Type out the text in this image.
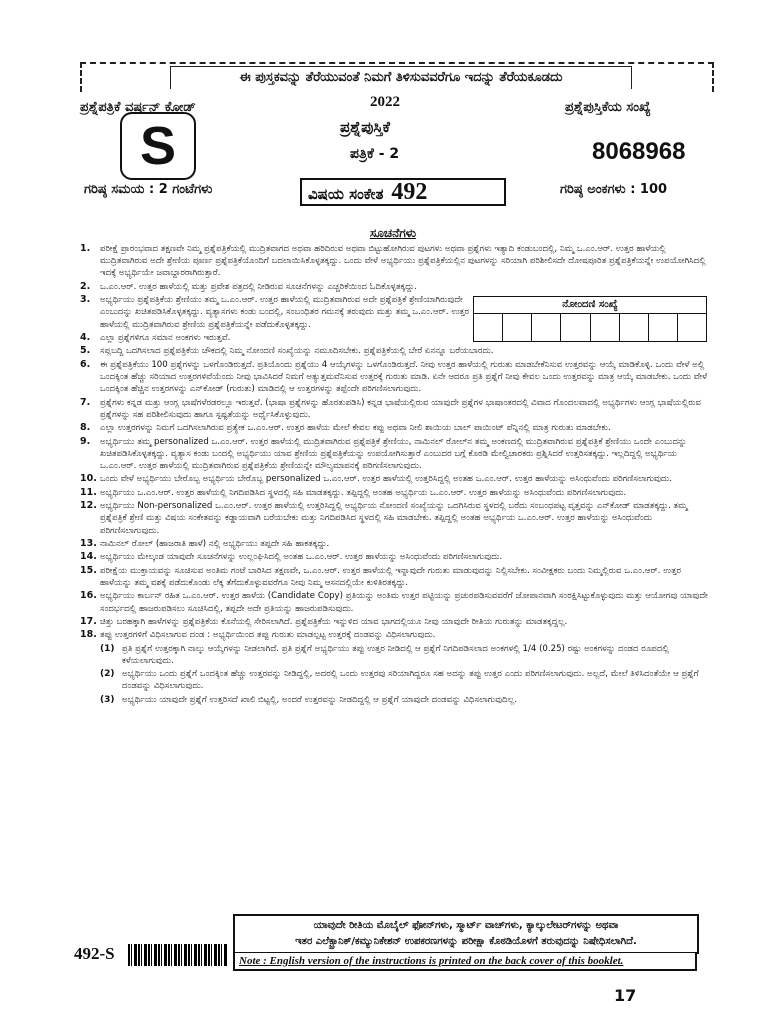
ಈ ಪುಸ್ತಕವನ್ನು ತೆರೆಯುವಂತೆ ನಿಮಗೆ ತಿಳಿಸುವವರೆಗೂ ಇದನ್ನು ತೆರೆಯಕೂಡದು
ಪ್ರಶ್ನೆಪತ್ರಿಕೆ ವರ್ಷನ್ ಕೋಡ್	2022	ಪ್ರಶ್ನೆಪುಸ್ತಿಕೆಯ ಸಂಖ್ಯೆ
S	ಪ್ರಶ್ನೆಪುಸ್ತಿಕೆ
ಪತ್ರಿಕೆ - 2	8068968
ಗರಿಷ್ಠ ಸಮಯ : 2 ಗಂಟೆಗಳು	ವಿಷಯ ಸಂಕೇತ 492	ಗರಿಷ್ಠ ಅಂಕಗಳು : 100
ನೋಂದಣಿ ಸಂಖ್ಯೆ
ಸೂಚನೆಗಳು
1. ಪರೀಕ್ಷೆ ಪ್ರಾರಂಭವಾದ ತಕ್ಷಣವೇ ನಿಮ್ಮ ಪ್ರಶ್ನೆಪತ್ರಿಕೆಯಲ್ಲಿ ಮುದ್ರಿತವಾಗದ ಅಥವಾ ಹರಿದಿರುವ ಅಥವಾ ಬಿಟ್ಟುಹೋಗಿರುವ ಪುಟಗಳು ಅಥವಾ ಪ್ರಶ್ನೆಗಳು ಇತ್ಯಾದಿ ಕಂಡುಬಂದಲ್ಲಿ, ನಿಮ್ಮ ಒ.ಎಂ.ಆರ್. ಉತ್ತರ ಹಾಳೆಯಲ್ಲಿ ಮುದ್ರಿತವಾಗಿರುವ ಅದೇ ಶ್ರೇಣಿಯ ಪೂರ್ಣ ಪ್ರಶ್ನೆಪತ್ರಿಕೆಯೊಂದಿಗೆ ಬದಲಾಯಿಸಿಕೊಳ್ಳತಕ್ಕದ್ದು. ಒಂದು ವೇಳೆ ಅಭ್ಯರ್ಥಿಯು ಪ್ರಶ್ನೆಪತ್ರಿಕೆಯಲ್ಲಿನ ಪುಟಗಳನ್ನು ಸರಿಯಾಗಿ ಪರಿಶೀಲಿಸದೇ ದೋಷಪೂರಿತ ಪ್ರಶ್ನೆಪತ್ರಿಕೆಯನ್ನೇ ಉಪಯೋಗಿಸಿದಲ್ಲಿ ಇದಕ್ಕೆ ಅಭ್ಯರ್ಥಿಯೇ ಜವಾಬ್ದಾರರಾಗಿರುತ್ತಾರೆ.
2. ಒ.ಎಂ.ಆರ್. ಉತ್ತರ ಹಾಳೆಯಲ್ಲಿ ಮತ್ತು ಪ್ರವೇಶ ಪತ್ರದಲ್ಲಿ ನೀಡಿರುವ ಸೂಚನೆಗಳನ್ನು ಎಚ್ಚರಿಕೆಯಿಂದ ಓದಿಕೊಳ್ಳತಕ್ಕದ್ದು.
3. ಅಭ್ಯರ್ಥಿಯು ಪ್ರಶ್ನೆಪತ್ರಿಕೆಯ ಶ್ರೇಣಿಯು ತಮ್ಮ ಒ.ಎಂ.ಆರ್. ಉತ್ತರ ಹಾಳೆಯಲ್ಲಿ ಮುದ್ರಿತವಾಗಿರುವ ಅದೇ ಪ್ರಶ್ನೆಪತ್ರಿಕೆ ಶ್ರೇಣಿಯಾಗಿರುವುದೇ ಎಂಬುದನ್ನು ಖಚಿತಪಡಿಸಿಕೊಳ್ಳತಕ್ಕದ್ದು. ವ್ಯತ್ಯಾಸಗಳು ಕಂಡು ಬಂದಲ್ಲಿ, ಸಂಬಂಧಿತರ ಗಮನಕ್ಕೆ ತರುವುದು ಮತ್ತು ತಮ್ಮ ಒ.ಎಂ.ಆರ್. ಉತ್ತರ ಹಾಳೆಯಲ್ಲಿ ಮುದ್ರಿತವಾಗಿರುವ ಶ್ರೇಣಿಯ ಪ್ರಶ್ನೆಪತ್ರಿಕೆಯನ್ನೇ ಪಡೆದುಕೊಳ್ಳತಕ್ಕದ್ದು.
4. ಎಲ್ಲಾ ಪ್ರಶ್ನೆಗಳಿಗೂ ಸಮಾನ ಅಂಕಗಳು ಇರುತ್ತವೆ.
5. ಸಪ್ಲಬದ್ದಿ ಒದಗಿಸಲಾದ ಪ್ರಶ್ನೆಪತ್ರಿಕೆಯ ಚೌಕದಲ್ಲಿ ನಿಮ್ಮ ನೋಂದಣಿ ಸಂಖ್ಯೆಯನ್ನು ನಮೂದಿಸಬೇಕು. ಪ್ರಶ್ನೆಪತ್ರಿಕೆಯಲ್ಲಿ ಬೇರೆ ಏನನ್ನೂ ಬರೆಯಬಾರದು.
6. ಈ ಪ್ರಶ್ನೆಪತ್ರಿಕೆಯು 100 ಪ್ರಶ್ನೆಗಳನ್ನು ಒಳಗೊಂಡಿರುತ್ತದೆ. ಪ್ರತಿಯೊಂದು ಪ್ರಶ್ನೆಯು 4 ಆಯ್ಕೆಗಳನ್ನು ಒಳಗೊಂಡಿರುತ್ತದೆ. ನೀವು ಉತ್ತರ ಹಾಳೆಯಲ್ಲಿ ಗುರುತು ಮಾಡಬೇಕೆನಿಸುವ ಉತ್ತರವನ್ನು ಆಯ್ಕೆ ಮಾಡಿಕೊಳ್ಳಿ. ಒಂದು ವೇಳೆ ಅಲ್ಲಿ ಒಂದಕ್ಕಿಂತ ಹೆಚ್ಚು ಸರಿಯಾದ ಉತ್ತರಗಳಿವೆಯೆಂದು ನೀವು ಭಾವಿಸಿದರೆ ನಿಮಗೆ ಅತ್ಯುತ್ತಮವೆನಿಸುವ ಉತ್ತರಕ್ಕೆ ಗುರುತು ಮಾಡಿ. ಏನೇ ಆದರೂ ಪ್ರತಿ ಪ್ರಶ್ನೆಗೆ ನೀವು ಕೇವಲ ಒಂದು ಉತ್ತರವನ್ನು ಮಾತ್ರ ಆಯ್ಕೆ ಮಾಡಬೇಕು. ಒಂದು ವೇಳೆ ಒಂದಕ್ಕಿಂತ ಹೆಚ್ಚಿನ ಉತ್ತರಗಳನ್ನು ಎನ್‌ಕೋಡ್ (ಗುರುತು) ಮಾಡಿದಲ್ಲಿ ಆ ಉತ್ತರಗಳನ್ನು ತಪ್ಪೆಂದೇ ಪರಿಗಣಿಸಲಾಗುವುದು.
7. ಪ್ರಶ್ನೆಗಳು ಕನ್ನಡ ಮತ್ತು ಆಂಗ್ಲ ಭಾಷೆಗಳೆರಡರಲ್ಲೂ ಇರುತ್ತವೆ. (ಭಾಷಾ ಪ್ರಶ್ನೆಗಳನ್ನು ಹೊರತುಪಡಿಸಿ) ಕನ್ನಡ ಭಾಷೆಯಲ್ಲಿರುವ ಯಾವುದೇ ಪ್ರಶ್ನೆಗಳ ಭಾಷಾಂತರದಲ್ಲಿ ವಿವಾದ ಗೊಂದಲವಾದಲ್ಲಿ ಅಭ್ಯರ್ಥಿಗಳು ಆಂಗ್ಲ ಭಾಷೆಯಲ್ಲಿರುವ ಪ್ರಶ್ನೆಗಳನ್ನು ಸಹ ಪರಿಶೀಲಿಸುವುದು ಹಾಗೂ ಸ್ಪಷ್ಟತೆಯನ್ನು ಅರ್ಥೈಸಿಕೊಳ್ಳುವುದು.
8. ಎಲ್ಲಾ ಉತ್ತರಗಳನ್ನು ನಿಮಗೆ ಒದಗಿಸಲಾಗಿರುವ ಪ್ರತ್ಯೇಕ ಒ.ಎಂ.ಆರ್. ಉತ್ತರ ಹಾಳೆಯ ಮೇಲೆ ಕೇವಲ ಕಪ್ಪು ಅಥವಾ ನೀಲಿ ಶಾಯಿಯ ಬಾಲ್ ಪಾಯಿಂಟ್ ಪೆನ್ನಿನಲ್ಲಿ ಮಾತ್ರ ಗುರುತು ಮಾಡಬೇಕು.
9. ಅಭ್ಯರ್ಥಿಯು ತಮ್ಮ personalized ಒ.ಎಂ.ಆರ್. ಉತ್ತರ ಹಾಳೆಯಲ್ಲಿ ಮುದ್ರಿತವಾಗಿರುವ ಪ್ರಶ್ನೆಪತ್ರಿಕೆ ಶ್ರೇಣಿಯು, ನಾಮಿನಲ್ ರೋಲ್‌ನ ತಮ್ಮ ಅಂಕಣದಲ್ಲಿ ಮುದ್ರಿತವಾಗಿರುವ ಪ್ರಶ್ನೆಪತ್ರಿಕೆ ಶ್ರೇಣಿಯು ಒಂದೇ ಎಂಬುದನ್ನು ಖಚಿತಪಡಿಸಿಕೊಳ್ಳತಕ್ಕದ್ದು. ವ್ಯತ್ಯಾಸ ಕಂಡು ಬಂದಲ್ಲಿ ಅಭ್ಯರ್ಥಿಯು ಯಾವ ಶ್ರೇಣಿಯ ಪ್ರಶ್ನೆಪತ್ರಿಕೆಯನ್ನು ಉಪಯೋಗಿಸುತ್ತಾರೆ ಎಂಬುದರ ಬಗ್ಗೆ ಕೊಠಡಿ ಮೇಲ್ವಿಚಾರಕರು ಪ್ರಶ್ನಿಸಿದರೆ ಉತ್ತರಿಸತಕ್ಕದ್ದು. ಇಲ್ಲದಿದ್ದಲ್ಲಿ ಅಭ್ಯರ್ಥಿಯ ಒ.ಎಂ.ಆರ್. ಉತ್ತರ ಹಾಳೆಯಲ್ಲಿ ಮುದ್ರಿತವಾಗಿರುವ ಪ್ರಶ್ನೆಪತ್ರಿಕೆಯ ಶ್ರೇಣಿಯನ್ನೇ ಮೌಲ್ಯಮಾಪನಕ್ಕೆ ಪರಿಗಣಿಸಲಾಗುವುದು.
10. ಒಂದು ವೇಳೆ ಅಭ್ಯರ್ಥಿಯು ಬೇರೊಬ್ಬ ಅಭ್ಯರ್ಥಿಯ ಬೇರೊಬ್ಬ personalized ಒ.ಎಂ.ಆರ್. ಉತ್ತರ ಹಾಳೆಯಲ್ಲಿ ಉತ್ತರಿಸಿದ್ದಲ್ಲಿ ಅಂತಹ ಒ.ಎಂ.ಆರ್. ಉತ್ತರ ಹಾಳೆಯನ್ನು ಅಸಿಂಧುವೆಂದು ಪರಿಗಣಿಸಲಾಗುವುದು.
11. ಅಭ್ಯರ್ಥಿಯು ಒ.ಎಂ.ಆರ್. ಉತ್ತರ ಹಾಳೆಯಲ್ಲಿ ನಿಗದಿಪಡಿಸಿದ ಸ್ಥಳದಲ್ಲಿ ಸಹಿ ಮಾಡತಕ್ಕದ್ದು. ತಪ್ಪಿದ್ದಲ್ಲಿ ಅಂತಹ ಅಭ್ಯರ್ಥಿಯ ಒ.ಎಂ.ಆರ್. ಉತ್ತರ ಹಾಳೆಯನ್ನು ಅಸಿಂಧುವೆಂದು ಪರಿಗಣಿಸಲಾಗುವುದು.
12. ಅಭ್ಯರ್ಥಿಯು Non-personalized ಒ.ಎಂ.ಆರ್. ಉತ್ತರ ಹಾಳೆಯಲ್ಲಿ ಉತ್ತರಿಸಿದ್ದಲ್ಲಿ ಅಭ್ಯರ್ಥಿಯ ನೋಂದಣಿ ಸಂಖ್ಯೆಯನ್ನು ಒದಗಿಸಿರುವ ಸ್ಥಳದಲ್ಲಿ ಬರೆದು ಸಂಬಂಧಪಟ್ಟ ವೃತ್ತವನ್ನು ಎನ್‌ಕೋಡ್ ಮಾಡತಕ್ಕದ್ದು. ತಮ್ಮ ಪ್ರಶ್ನೆಪತ್ರಿಕೆ ಶ್ರೇಣಿ ಮತ್ತು ವಿಷಯ ಸಂಕೇತವನ್ನು ಕಡ್ಡಾಯವಾಗಿ ಬರೆಯಬೇಕು ಮತ್ತು ನಿಗದಿಪಡಿಸಿದ ಸ್ಥಳದಲ್ಲಿ ಸಹಿ ಮಾಡಬೇಕು. ತಪ್ಪಿದ್ದಲ್ಲಿ ಅಂತಹ ಅಭ್ಯರ್ಥಿಯ ಒ.ಎಂ.ಆರ್. ಉತ್ತರ ಹಾಳೆಯನ್ನು ಅಸಿಂಧುವೆಂದು ಪರಿಗಣಿಸಲಾಗುವುದು.
13. ನಾಮಿನಲ್ ರೋಲ್ (ಹಾಜರಾತಿ ಹಾಳೆ) ನಲ್ಲಿ ಅಭ್ಯರ್ಥಿಯು ತಪ್ಪದೇ ಸಹಿ ಹಾಕತಕ್ಕದ್ದು.
14. ಅಭ್ಯರ್ಥಿಯು ಮೇಲ್ಕಂಡ ಯಾವುದೇ ಸೂಚನೆಗಳನ್ನು ಉಲ್ಲಂಘಿಸಿದಲ್ಲಿ ಅಂತಹ ಒ.ಎಂ.ಆರ್. ಉತ್ತರ ಹಾಳೆಯನ್ನು ಅಸಿಂಧುವೆಂದು ಪರಿಗಣಿಸಲಾಗುವುದು.
15. ಪರೀಕ್ಷೆಯ ಮುಕ್ತಾಯವನ್ನು ಸೂಚಿಸುವ ಅಂತಿಮ ಗಂಟೆ ಬಾರಿಸಿದ ತಕ್ಷಣವೇ, ಒ.ಎಂ.ಆರ್. ಉತ್ತರ ಹಾಳೆಯಲ್ಲಿ ಇನ್ನಾವುದೇ ಗುರುತು ಮಾಡುವುದನ್ನು ನಿಲ್ಲಿಸಬೇಕು. ಸಂವೀಕ್ಷಕರು ಬಂದು ನಿಮ್ಮಲ್ಲಿರುವ ಒ.ಎಂ.ಆರ್. ಉತ್ತರ ಹಾಳೆಯನ್ನು ತಮ್ಮ ವಶಕ್ಕೆ ಪಡೆದುಕೊಂಡು ಲೆಕ್ಕ ತೆಗೆದುಕೊಳ್ಳುವವರೆಗೂ ನೀವು ನಿಮ್ಮ ಆಸನದಲ್ಲಿಯೇ ಕುಳಿತಿರತಕ್ಕದ್ದು.
16. ಅಭ್ಯರ್ಥಿಯು ಕಾರ್ಬನ್ ರಹಿತ ಒ.ಎಂ.ಆರ್. ಉತ್ತರ ಹಾಳೆಯ (Candidate Copy) ಪ್ರತಿಯನ್ನು ಅಂತಿಮ ಉತ್ತರ ಪಟ್ಟಿಯನ್ನು ಪ್ರಚುರಪಡಿಸುವವರೆಗೆ ಜೋಪಾನವಾಗಿ ಸಂರಕ್ಷಿಸಿಟ್ಟುಕೊಳ್ಳುವುದು ಮತ್ತು ಆಯೋಗವು ಯಾವುದೇ ಸಂದರ್ಭದಲ್ಲಿ ಹಾಜರುಪಡಿಸಲು ಸೂಚಿಸಿದಲ್ಲಿ, ತಪ್ಪದೇ ಅದೇ ಪ್ರತಿಯನ್ನು ಹಾಜರುಪಡಿಸುವುದು.
17. ಚಿತ್ತು ಬರಹಕ್ಕಾಗಿ ಹಾಳೆಗಳನ್ನು ಪ್ರಶ್ನೆಪತ್ರಿಕೆಯ ಕೊನೆಯಲ್ಲಿ ಸೇರಿಸಲಾಗಿದೆ. ಪ್ರಶ್ನೆಪತ್ರಿಕೆಯ ಇನ್ನುಳಿದ ಯಾವ ಭಾಗದಲ್ಲಿಯೂ ನೀವು ಯಾವುದೇ ರೀತಿಯ ಗುರುತನ್ನು ಮಾಡತಕ್ಕದ್ದಲ್ಲ.
18. ತಪ್ಪು ಉತ್ತರಗಳಿಗೆ ವಿಧಿಸಲಾಗುವ ದಂಡ : ಅಭ್ಯರ್ಥಿಯಿಂದ ತಪ್ಪು ಗುರುತು ಮಾಡಲ್ಪಟ್ಟ ಉತ್ತರಕ್ಕೆ ದಂಡವನ್ನು ವಿಧಿಸಲಾಗುವುದು.
(1) ಪ್ರತಿ ಪ್ರಶ್ನೆಗೆ ಉತ್ತರಕ್ಕಾಗಿ ನಾಲ್ಕು ಆಯ್ಕೆಗಳನ್ನು ನೀಡಲಾಗಿದೆ. ಪ್ರತಿ ಪ್ರಶ್ನೆಗೆ ಅಭ್ಯರ್ಥಿಯು ತಪ್ಪು ಉತ್ತರ ನೀಡಿದಲ್ಲಿ ಆ ಪ್ರಶ್ನೆಗೆ ನಿಗದಿಪಡಿಸಲಾದ ಅಂಕಗಳಲ್ಲಿ 1/4 (0.25) ರಷ್ಟು ಅಂಕಗಳನ್ನು ದಂಡದ ರೂಪದಲ್ಲಿ ಕಳೆಯಲಾಗುವುದು.
(2) ಅಭ್ಯರ್ಥಿಯು ಒಂದು ಪ್ರಶ್ನೆಗೆ ಒಂದಕ್ಕಿಂತ ಹೆಚ್ಚು ಉತ್ತರವನ್ನು ನೀಡಿದ್ದಲ್ಲಿ, ಅದರಲ್ಲಿ ಒಂದು ಉತ್ತರವು ಸರಿಯಾಗಿದ್ದರೂ ಸಹ ಅದನ್ನು ತಪ್ಪು ಉತ್ತರ ಎಂದು ಪರಿಗಣಿಸಲಾಗುವುದು. ಅಲ್ಲದೆ, ಮೇಲೆ ತಿಳಿಸಿದಂತೆಯೇ ಆ ಪ್ರಶ್ನೆಗೆ ದಂಡವನ್ನು ವಿಧಿಸಲಾಗುವುದು.
(3) ಅಭ್ಯರ್ಥಿಯು ಯಾವುದೇ ಪ್ರಶ್ನೆಗೆ ಉತ್ತರಿಸದೆ ಖಾಲಿ ಬಿಟ್ಟಲ್ಲಿ, ಅಂದರೆ ಉತ್ತರವನ್ನು ನೀಡದಿದ್ದಲ್ಲಿ ಆ ಪ್ರಶ್ನೆಗೆ ಯಾವುದೇ ದಂಡವನ್ನು ವಿಧಿಸಲಾಗುವುದಿಲ್ಲ.
ಯಾವುದೇ ರೀತಿಯ ಮೊಬೈಲ್ ಫೋನ್‌ಗಳು, ಸ್ಮಾರ್ಟ್ ವಾಚ್‌ಗಳು, ಕ್ಯಾಲ್ಕುಲೇಟರ್‌ಗಳನ್ನು ಅಥವಾ
ಇತರ ಎಲೆಕ್ಟ್ರಾನಿಕ್/ಕಮ್ಯುನಿಕೇಶನ್ ಉಪಕರಣಗಳನ್ನು ಪರೀಕ್ಷಾ ಕೊಠಡಿಯೊಳಗೆ ತರುವುದನ್ನು ನಿಷೇಧಿಸಲಾಗಿದೆ.
Note : English version of the instructions is printed on the back cover of this booklet.
492-S
17
